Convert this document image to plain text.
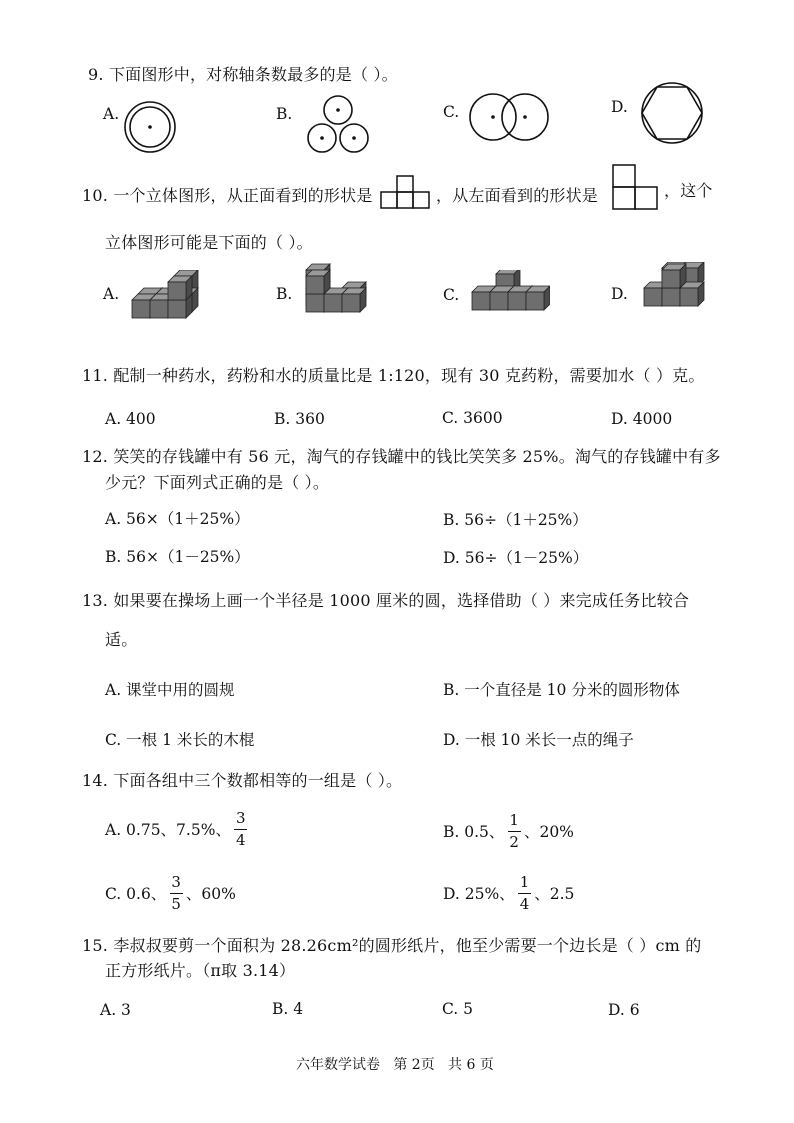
9. 下面图形中，对称轴条数最多的是（ ）。
A.	B.	C.	D.
10. 一个立体图形，从正面看到的形状是	，从左面看到的形状是	，这个
立体图形可能是下面的（ ）。
A.	B.	C.	D.
11. 配制一种药水，药粉和水的质量比是 1:120，现有 30 克药粉，需要加水（ ）克。
A. 400	B. 360	C. 3600	D. 4000
12. 笑笑的存钱罐中有 56 元，淘气的存钱罐中的钱比笑笑多 25%。淘气的存钱罐中有多
少元？下面列式正确的是（ ）。
A. 56×（1＋25%）	B. 56÷（1＋25%）
B. 56×（1－25%）	D. 56÷（1－25%）
13. 如果要在操场上画一个半径是 1000 厘米的圆，选择借助（ ）来完成任务比较合
适。
A. 课堂中用的圆规	B. 一个直径是 10 分米的圆形物体
C. 一根 1 米长的木棍	D. 一根 10 米长一点的绳子
14. 下面各组中三个数都相等的一组是（ ）。
A. 0.75、7.5%、 $\frac{3}{4}$	B. 0.5、 $\frac{1}{2}$ 、20%
C. 0.6、 $\frac{3}{5}$ 、60%	D. 25%、 $\frac{1}{4}$ 、2.5
15. 李叔叔要剪一个面积为 28.26cm²的圆形纸片，他至少需要一个边长是（ ）cm 的
正方形纸片。（π取 3.14）
A. 3	B. 4	C. 5	D. 6
六年数学试卷   第 2页   共 6 页
